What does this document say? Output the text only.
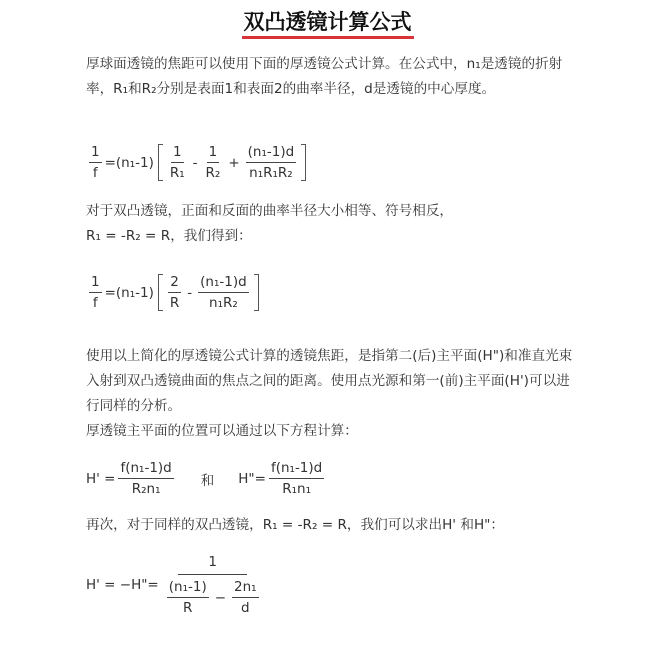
双凸透镜计算公式
厚球面透镜的焦距可以使用下面的厚透镜公式计算。在公式中，n₁是透镜的折射率，R₁和R₂分别是表面1和表面2的曲率半径，d是透镜的中心厚度。
$\frac{1}{f} =(n_1-1) \frac{1}{\text{R₁}} - \frac{1}{\text{R₂}} + \frac{\text{(n₁-1)d}}{\text{n₁R₁R₂}}$
对于双凸透镜，正面和反面的曲率半径大小相等、符号相反，
R₁ = -R₂ = R，我们得到：
$\frac{1}{f} =(n_1-1) \frac{2}{R} - \frac{\text{(n₁-1)d}}{\text{n₁R₂}}$
使用以上简化的厚透镜公式计算的透镜焦距，是指第二(后)主平面(H")和准直光束入射到双凸透镜曲面的焦点之间的距离。使用点光源和第一(前)主平面(H')可以进行同样的分析。
厚透镜主平面的位置可以通过以下方程计算：
$H' = \frac{\text{f(n₁-1)d}}{\text{R₂n₁}}$ 和 H"= $\frac{\text{f(n₁-1)d}}{\text{R₁n₁}}$
再次，对于同样的双凸透镜，R₁ = -R₂ = R，我们可以求出H' 和H"：
H' = −H"= $\frac{1}{\frac{\text{(n₁-1)}}{R} - \frac{\text{2n₁}}{d}}$
